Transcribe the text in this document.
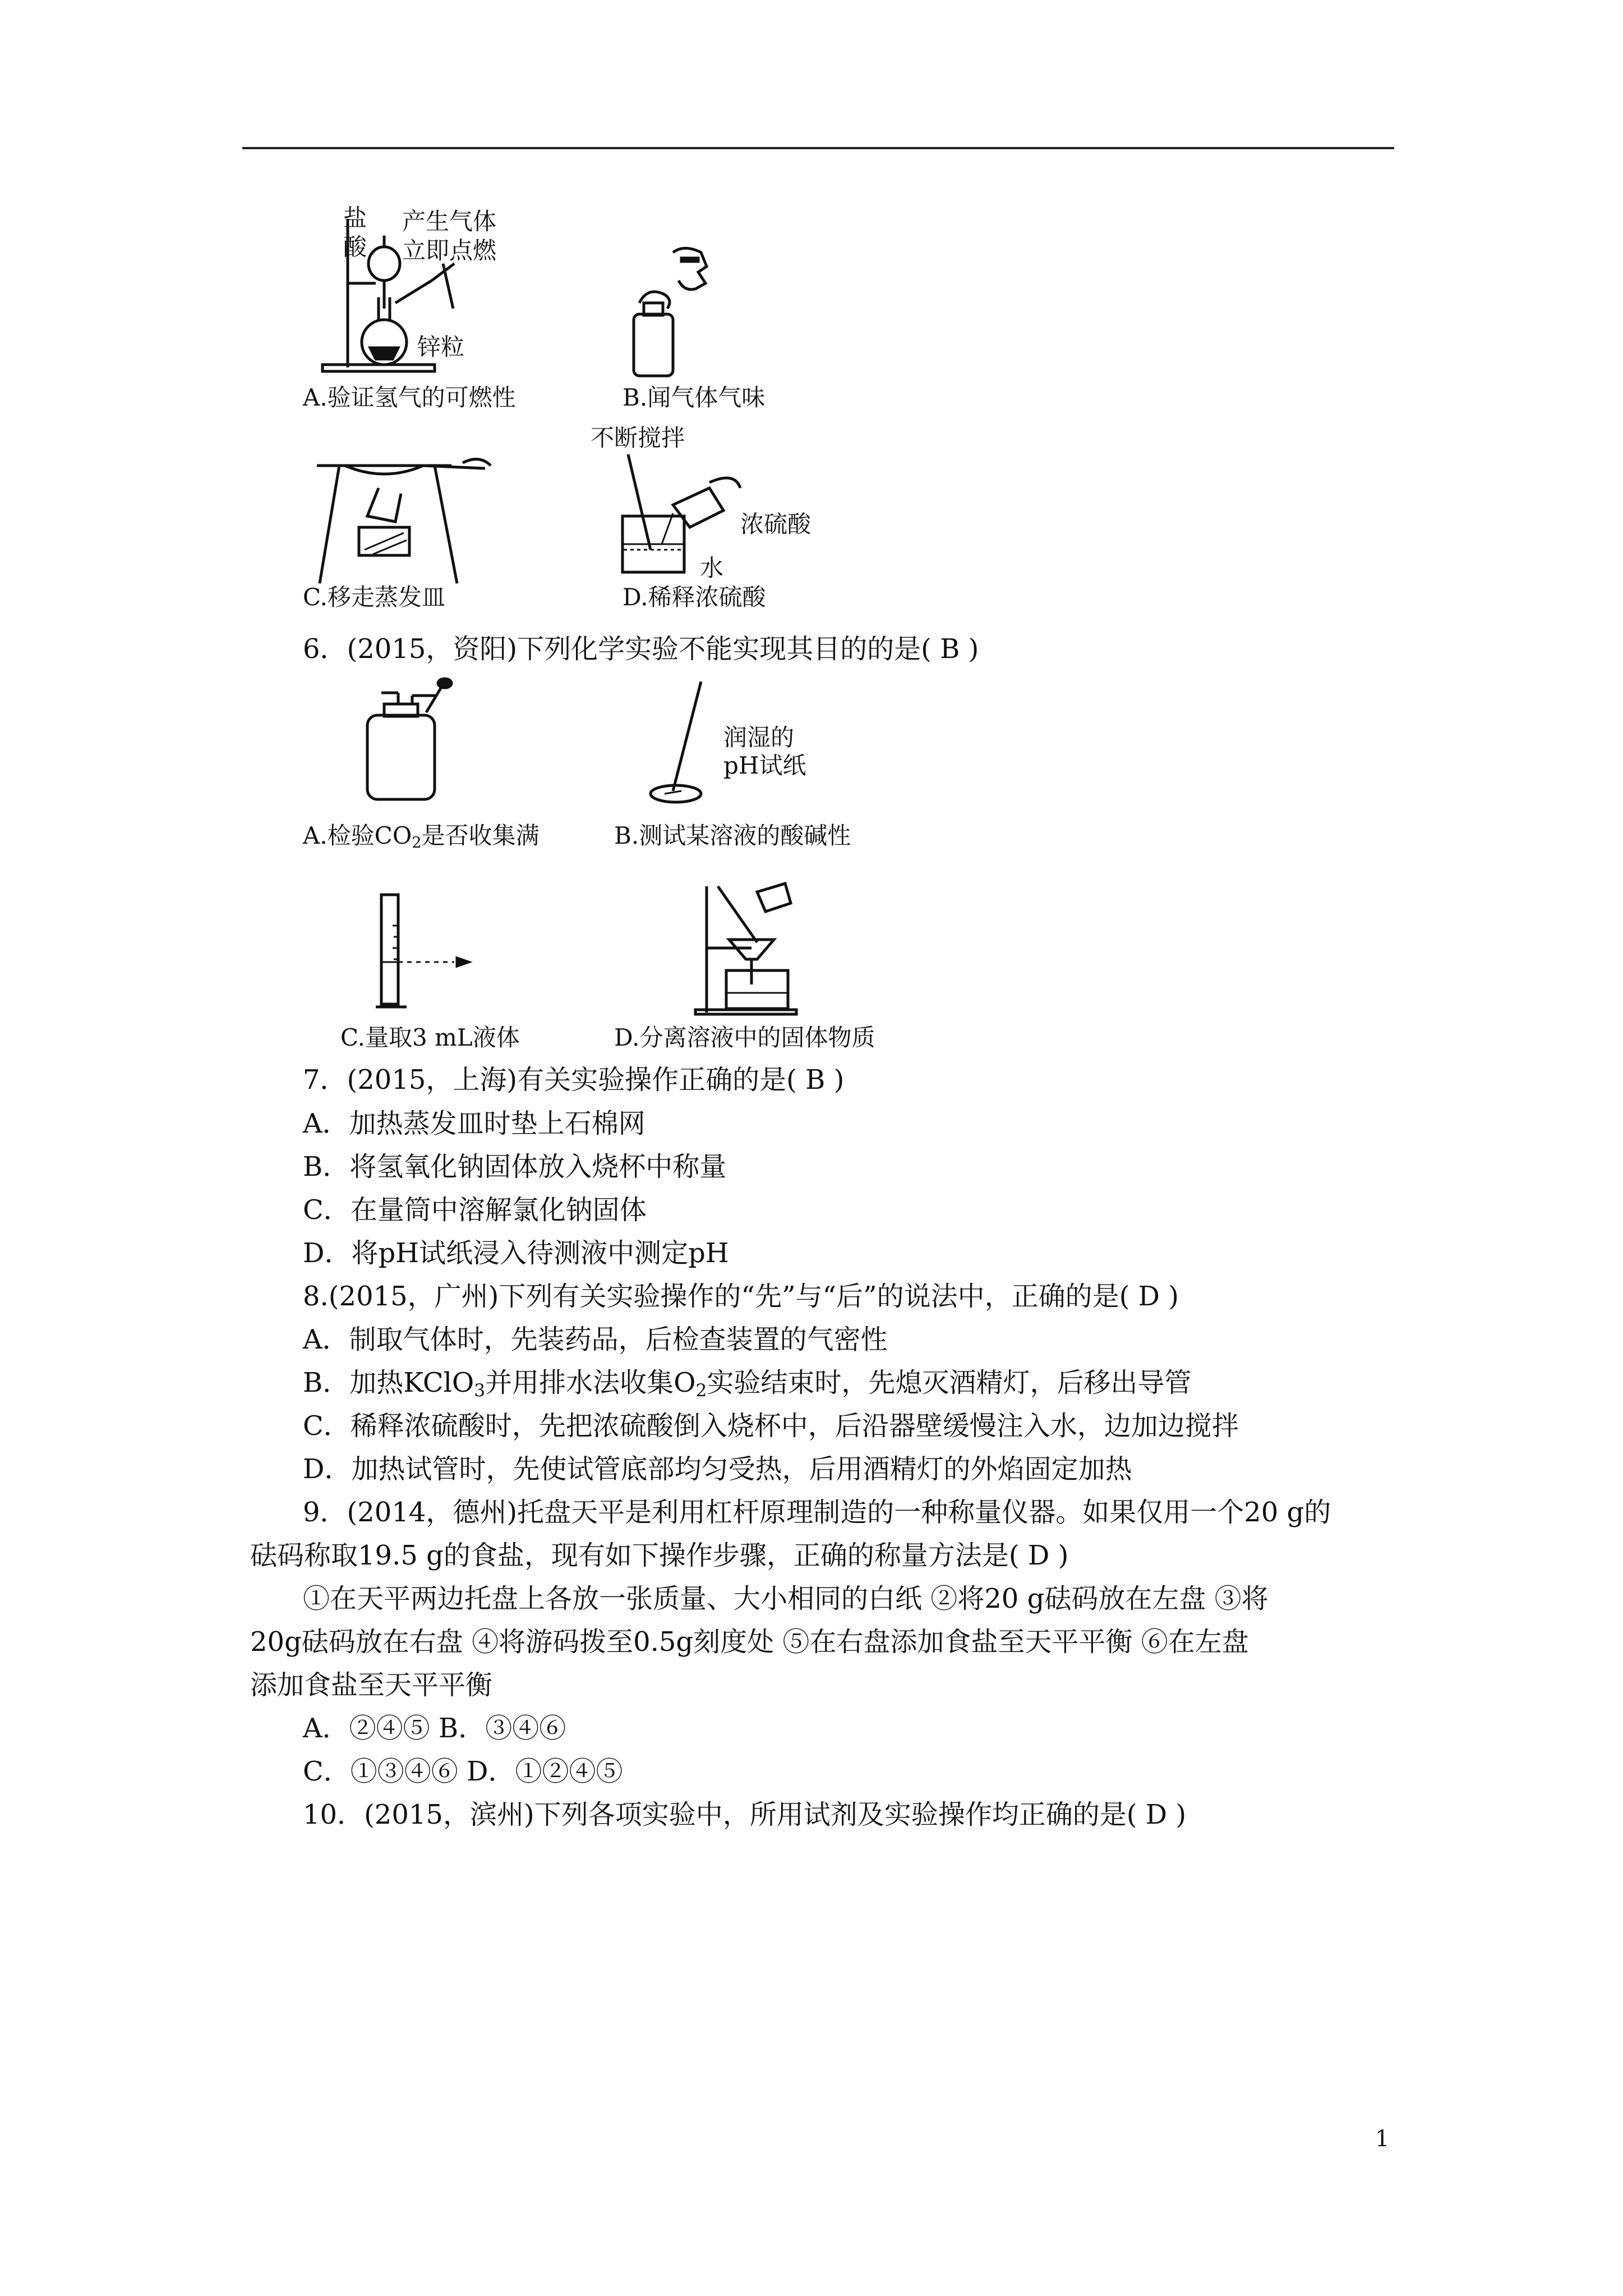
盐
酸
产生气体
立即点燃
锌粒
A.验证氢气的可燃性	B.闻气体气味
C.移走蒸发皿
不断搅拌
浓硫酸
水
D.稀释浓硫酸
6．(2015，资阳)下列化学实验不能实现其目的的是( B )
A.检验$CO_2$是否收集满
润湿的
pH试纸
B.测试某溶液的酸碱性
C.量取3 mL液体	D.分离溶液中的固体物质
7．(2015，上海)有关实验操作正确的是( B )
A．加热蒸发皿时垫上石棉网
B．将氢氧化钠固体放入烧杯中称量
C．在量筒中溶解氯化钠固体
D．将pH试纸浸入待测液中测定pH
8.(2015，广州)下列有关实验操作的“先”与“后”的说法中，正确的是( D )
A．制取气体时，先装药品，后检查装置的气密性
B．加热KClO$_3$并用排水法收集$O_2$实验结束时，先熄灭酒精灯，后移出导管
C．稀释浓硫酸时，先把浓硫酸倒入烧杯中，后沿器壁缓慢注入水，边加边搅拌
D．加热试管时，先使试管底部均匀受热，后用酒精灯的外焰固定加热
9．(2014，德州)托盘天平是利用杠杆原理制造的一种称量仪器。如果仅用一个20 g的
砝码称取19.5 g的食盐，现有如下操作步骤，正确的称量方法是( D )
①在天平两边托盘上各放一张质量、大小相同的白纸 ②将20 g砝码放在左盘 ③将
20g砝码放在右盘 ④将游码拨至0.5g刻度处 ⑤在右盘添加食盐至天平平衡 ⑥在左盘
添加食盐至天平平衡
A．②④⑤ B．③④⑥
C．①③④⑥ D．①②④⑤
10．(2015，滨州)下列各项实验中，所用试剂及实验操作均正确的是( D )
1
